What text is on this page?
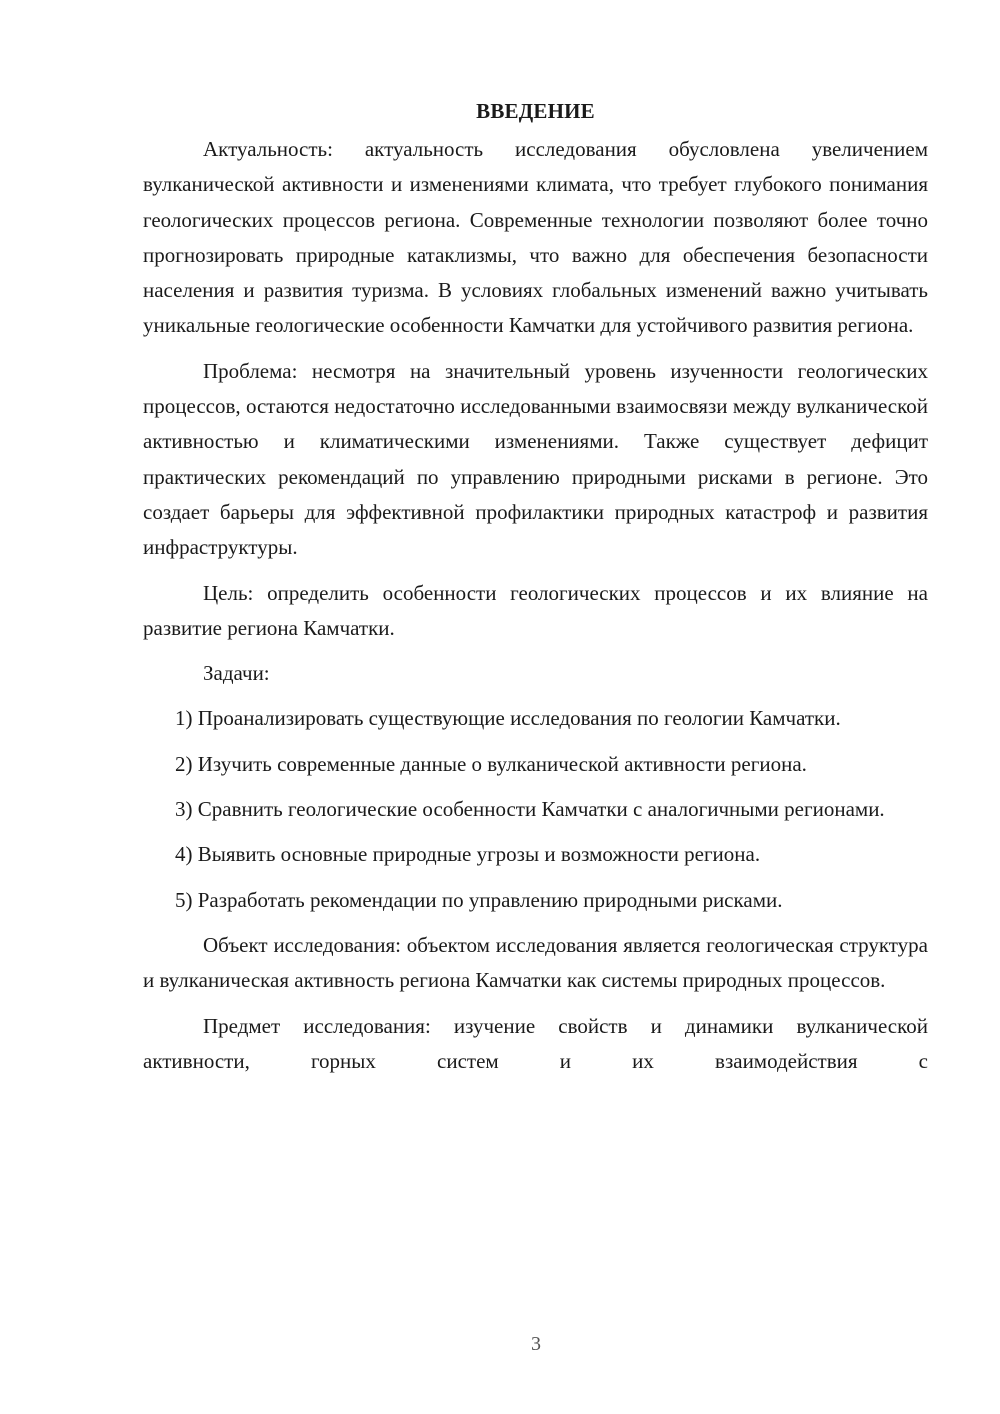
ВВЕДЕНИЕ

Актуальность: актуальность исследования обусловлена увеличением вулканической активности и изменениями климата, что требует глубокого понимания геологических процессов региона. Современные технологии позволяют более точно прогнозировать природные катаклизмы, что важно для обеспечения безопасности населения и развития туризма. В условиях глобальных изменений важно учитывать уникальные геологические особенности Камчатки для устойчивого развития региона.

Проблема: несмотря на значительный уровень изученности геологических процессов, остаются недостаточно исследованными взаимосвязи между вулканической активностью и климатическими изменениями. Также существует дефицит практических рекомендаций по управлению природными рисками в регионе. Это создает барьеры для эффективной профилактики природных катастроф и развития инфраструктуры.

Цель: определить особенности геологических процессов и их влияние на развитие региона Камчатки.

Задачи:

1) Проанализировать существующие исследования по геологии Камчатки.

2) Изучить современные данные о вулканической активности региона.

3) Сравнить геологические особенности Камчатки с аналогичными регионами.

4) Выявить основные природные угрозы и возможности региона.

5) Разработать рекомендации по управлению природными рисками.

Объект исследования: объектом исследования является геологическая структура и вулканическая активность региона Камчатки как системы природных процессов.

Предмет исследования: изучение свойств и динамики вулканической активности, горных систем и их взаимодействия с

3
